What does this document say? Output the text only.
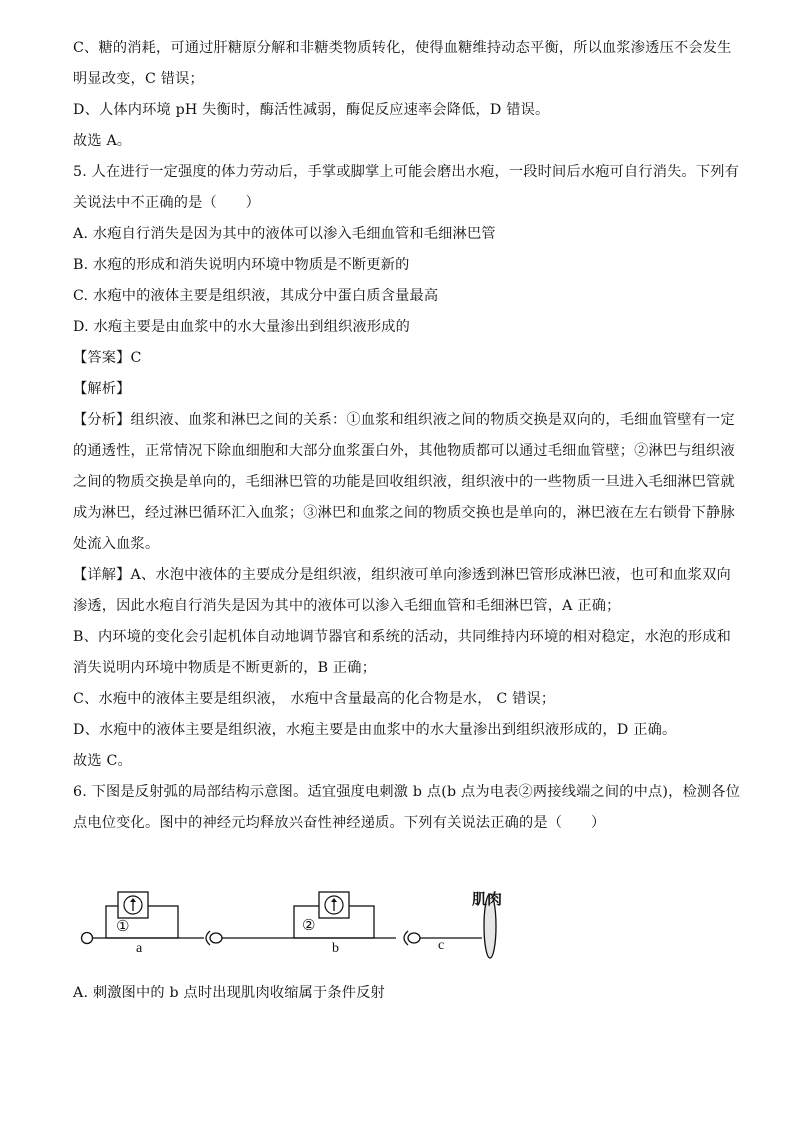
C、糖的消耗，可通过肝糖原分解和非糖类物质转化，使得血糖维持动态平衡，所以血浆渗透压不会发生
明显改变，C 错误；
D、人体内环境 pH 失衡时，酶活性减弱，酶促反应速率会降低，D 错误。
故选 A。
5. 人在进行一定强度的体力劳动后，手掌或脚掌上可能会磨出水疱，一段时间后水疱可自行消失。下列有
关说法中不正确的是（　　）
A. 水疱自行消失是因为其中的液体可以渗入毛细血管和毛细淋巴管
B. 水疱的形成和消失说明内环境中物质是不断更新的
C. 水疱中的液体主要是组织液，其成分中蛋白质含量最高
D. 水疱主要是由血浆中的水大量渗出到组织液形成的
【答案】C
【解析】
【分析】组织液、血浆和淋巴之间的关系：①血浆和组织液之间的物质交换是双向的，毛细血管壁有一定
的通透性，正常情况下除血细胞和大部分血浆蛋白外，其他物质都可以通过毛细血管壁；②淋巴与组织液
之间的物质交换是单向的，毛细淋巴管的功能是回收组织液，组织液中的一些物质一旦进入毛细淋巴管就
成为淋巴，经过淋巴循环汇入血浆；③淋巴和血浆之间的物质交换也是单向的，淋巴液在左右锁骨下静脉
处流入血浆。
【详解】A、水泡中液体的主要成分是组织液，组织液可单向渗透到淋巴管形成淋巴液，也可和血浆双向
渗透，因此水疱自行消失是因为其中的液体可以渗入毛细血管和毛细淋巴管，A 正确；
B、内环境的变化会引起机体自动地调节器官和系统的活动，共同维持内环境的相对稳定，水泡的形成和
消失说明内环境中物质是不断更新的，B 正确；
C、水疱中的液体主要是组织液， 水疱中含量最高的化合物是水， C 错误；
D、水疱中的液体主要是组织液，水疱主要是由血浆中的水大量渗出到组织液形成的，D 正确。
故选 C。
6. 下图是反射弧的局部结构示意图。适宜强度电刺激 b 点(b 点为电表②两接线端之间的中点)，检测各位
点电位变化。图中的神经元均释放兴奋性神经递质。下列有关说法正确的是（　　）
①	②
a	b	c
肌肉
A. 刺激图中的 b 点时出现肌肉收缩属于条件反射
